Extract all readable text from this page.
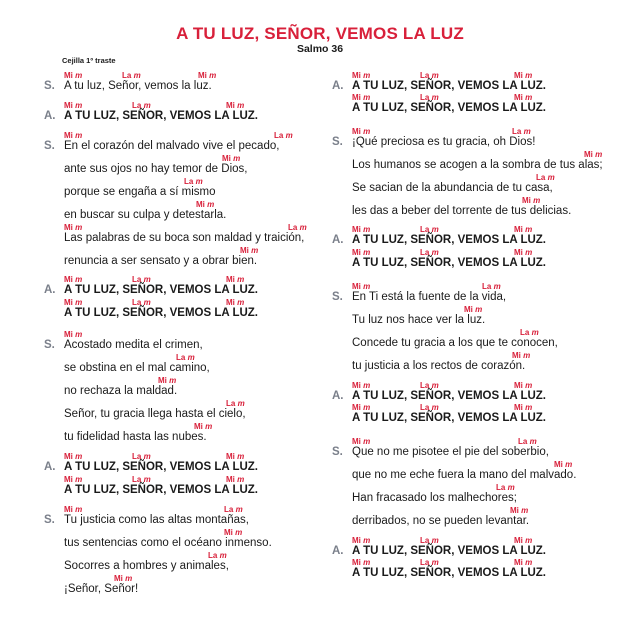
A TU LUZ, SEÑOR, VEMOS LA LUZ
Salmo 36
Cejilla 1º traste
S. A tu luz, Señor, vemos la luz.
Mi m	La m	Mi m
A. A TU LUZ, SEÑOR, VEMOS LA LUZ.
Mi m	La m	Mi m
S. En el corazón del malvado vive el pecado,
Mi m	La m
ante sus ojos no hay temor de Dios,
Mi m
porque se engaña a sí mismo
La m
en buscar su culpa y detestarla.
Mi m
Las palabras de su boca son maldad y traición,
Mi m	La m
renuncia a ser sensato y a obrar bien.
Mi m
A. A TU LUZ, SEÑOR, VEMOS LA LUZ.
Mi m	La m	Mi m
A TU LUZ, SEÑOR, VEMOS LA LUZ.
Mi m	La m	Mi m
S. Acostado medita el crimen,
Mi m
se obstina en el mal camino,
La m
no rechaza la maldad.
Mi m
Señor, tu gracia llega hasta el cielo,
La m
tu fidelidad hasta las nubes.
Mi m
A. A TU LUZ, SEÑOR, VEMOS LA LUZ.
Mi m	La m	Mi m
A TU LUZ, SEÑOR, VEMOS LA LUZ.
Mi m	La m	Mi m
S. Tu justicia como las altas montañas,
Mi m	La m
tus sentencias como el océano inmenso.
Mi m
Socorres a hombres y animales,
La m
¡Señor, Señor!
Mi m
A. A TU LUZ, SEÑOR, VEMOS LA LUZ.
Mi m	La m	Mi m
A TU LUZ, SEÑOR, VEMOS LA LUZ.
Mi m	La m	Mi m
S. ¡Qué preciosa es tu gracia, oh Dios!
Mi m	La m
Los humanos se acogen a la sombra de tus alas;
Mi m
Se sacian de la abundancia de tu casa,
La m
les das a beber del torrente de tus delicias.
Mi m
A. A TU LUZ, SEÑOR, VEMOS LA LUZ.
Mi m	La m	Mi m
A TU LUZ, SEÑOR, VEMOS LA LUZ.
Mi m	La m	Mi m
S. En Ti está la fuente de la vida,
Mi m	La m
Tu luz nos hace ver la luz.
Mi m
Concede tu gracia a los que te conocen,
La m
tu justicia a los rectos de corazón.
Mi m
A. A TU LUZ, SEÑOR, VEMOS LA LUZ.
Mi m	La m	Mi m
A TU LUZ, SEÑOR, VEMOS LA LUZ.
Mi m	La m	Mi m
S. Que no me pisotee el pie del soberbio,
Mi m	La m
que no me eche fuera la mano del malvado.
Mi m
Han fracasado los malhechores;
La m
derribados, no se pueden levantar.
Mi m
A. A TU LUZ, SEÑOR, VEMOS LA LUZ.
Mi m	La m	Mi m
A TU LUZ, SEÑOR, VEMOS LA LUZ.
Mi m	La m	Mi m
